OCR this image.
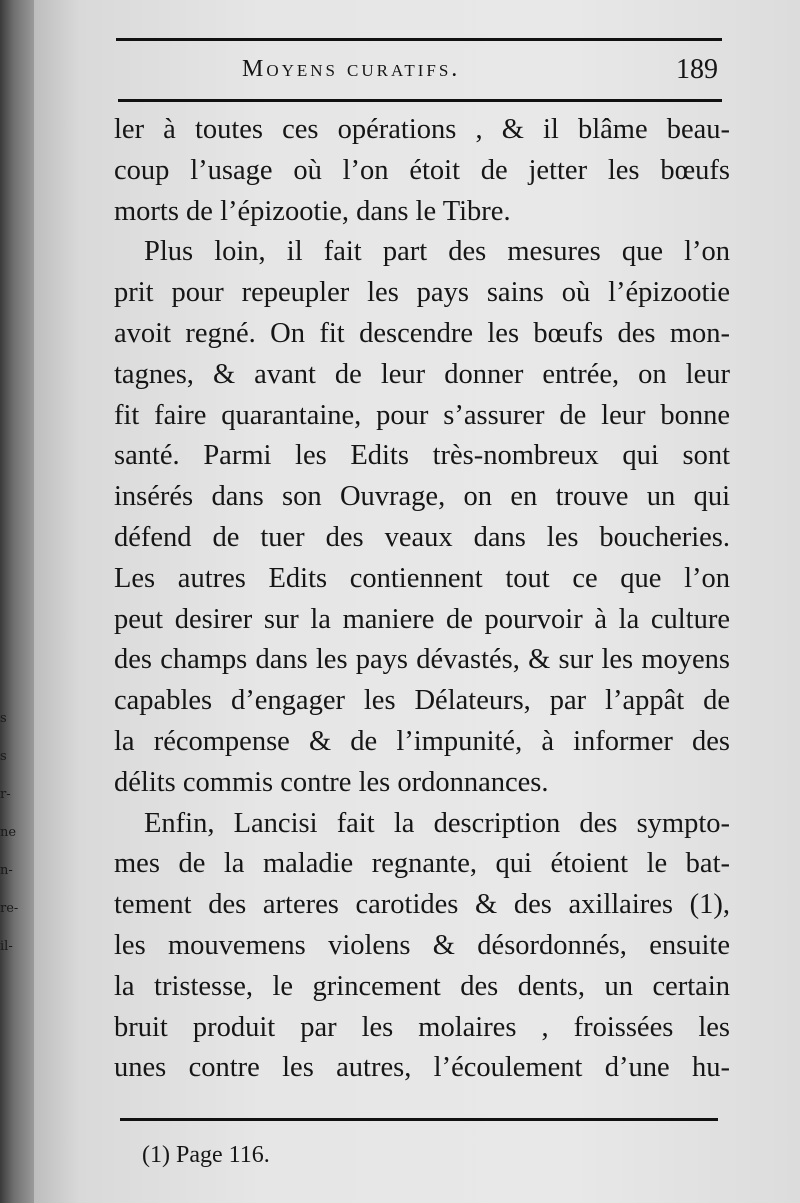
s
s
r-
ne
n-
re-
il-
Moyens curatifs.	189
ler à toutes ces opérations , & il blâme beau-
coup l’usage où l’on étoit de jetter les bœufs
morts de l’épizootie, dans le Tibre.
Plus loin, il fait part des mesures que l’on
prit pour repeupler les pays sains où l’épizootie
avoit regné. On fit descendre les bœufs des mon-
tagnes, & avant de leur donner entrée, on leur
fit faire quarantaine, pour s’assurer de leur bonne
santé. Parmi les Edits très-nombreux qui sont
insérés dans son Ouvrage, on en trouve un qui
défend de tuer des veaux dans les boucheries.
Les autres Edits contiennent tout ce que l’on
peut desirer sur la maniere de pourvoir à la culture
des champs dans les pays dévastés, & sur les moyens
capables d’engager les Délateurs, par l’appât de
la récompense & de l’impunité, à informer des
délits commis contre les ordonnances.
Enfin, Lancisi fait la description des sympto-
mes de la maladie regnante, qui étoient le bat-
tement des arteres carotides & des axillaires (1),
les mouvemens violens & désordonnés, ensuite
la tristesse, le grincement des dents, un certain
bruit produit par les molaires , froissées les
unes contre les autres, l’écoulement d’une hu-
(1) Page 116.
